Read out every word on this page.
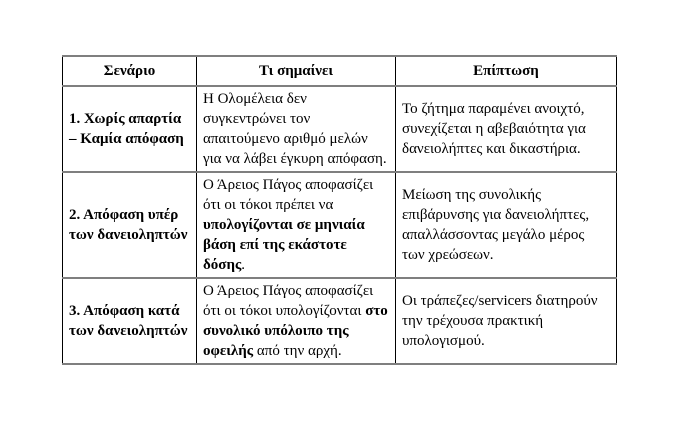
Σενάριο	Τι σημαίνει	Επίπτωση
1. Χωρίς απαρτία – Καμία απόφαση	Η Ολομέλεια δεν συγκεντρώνει τον απαιτούμενο αριθμό μελών για να λάβει έγκυρη απόφαση.	Το ζήτημα παραμένει ανοιχτό, συνεχίζεται η αβεβαιότητα για δανειολήπτες και δικαστήρια.
2. Απόφαση υπέρ των δανειοληπτών	Ο Άρειος Πάγος αποφασίζει ότι οι τόκοι πρέπει να υπολογίζονται σε μηνιαία βάση επί της εκάστοτε δόσης.	Μείωση της συνολικής επιβάρυνσης για δανειολήπτες, απαλλάσσοντας μεγάλο μέρος των χρεώσεων.
3. Απόφαση κατά των δανειοληπτών	Ο Άρειος Πάγος αποφασίζει ότι οι τόκοι υπολογίζονται στο συνολικό υπόλοιπο της οφειλής από την αρχή.	Οι τράπεζες/servicers διατηρούν την τρέχουσα πρακτική υπολογισμού.
